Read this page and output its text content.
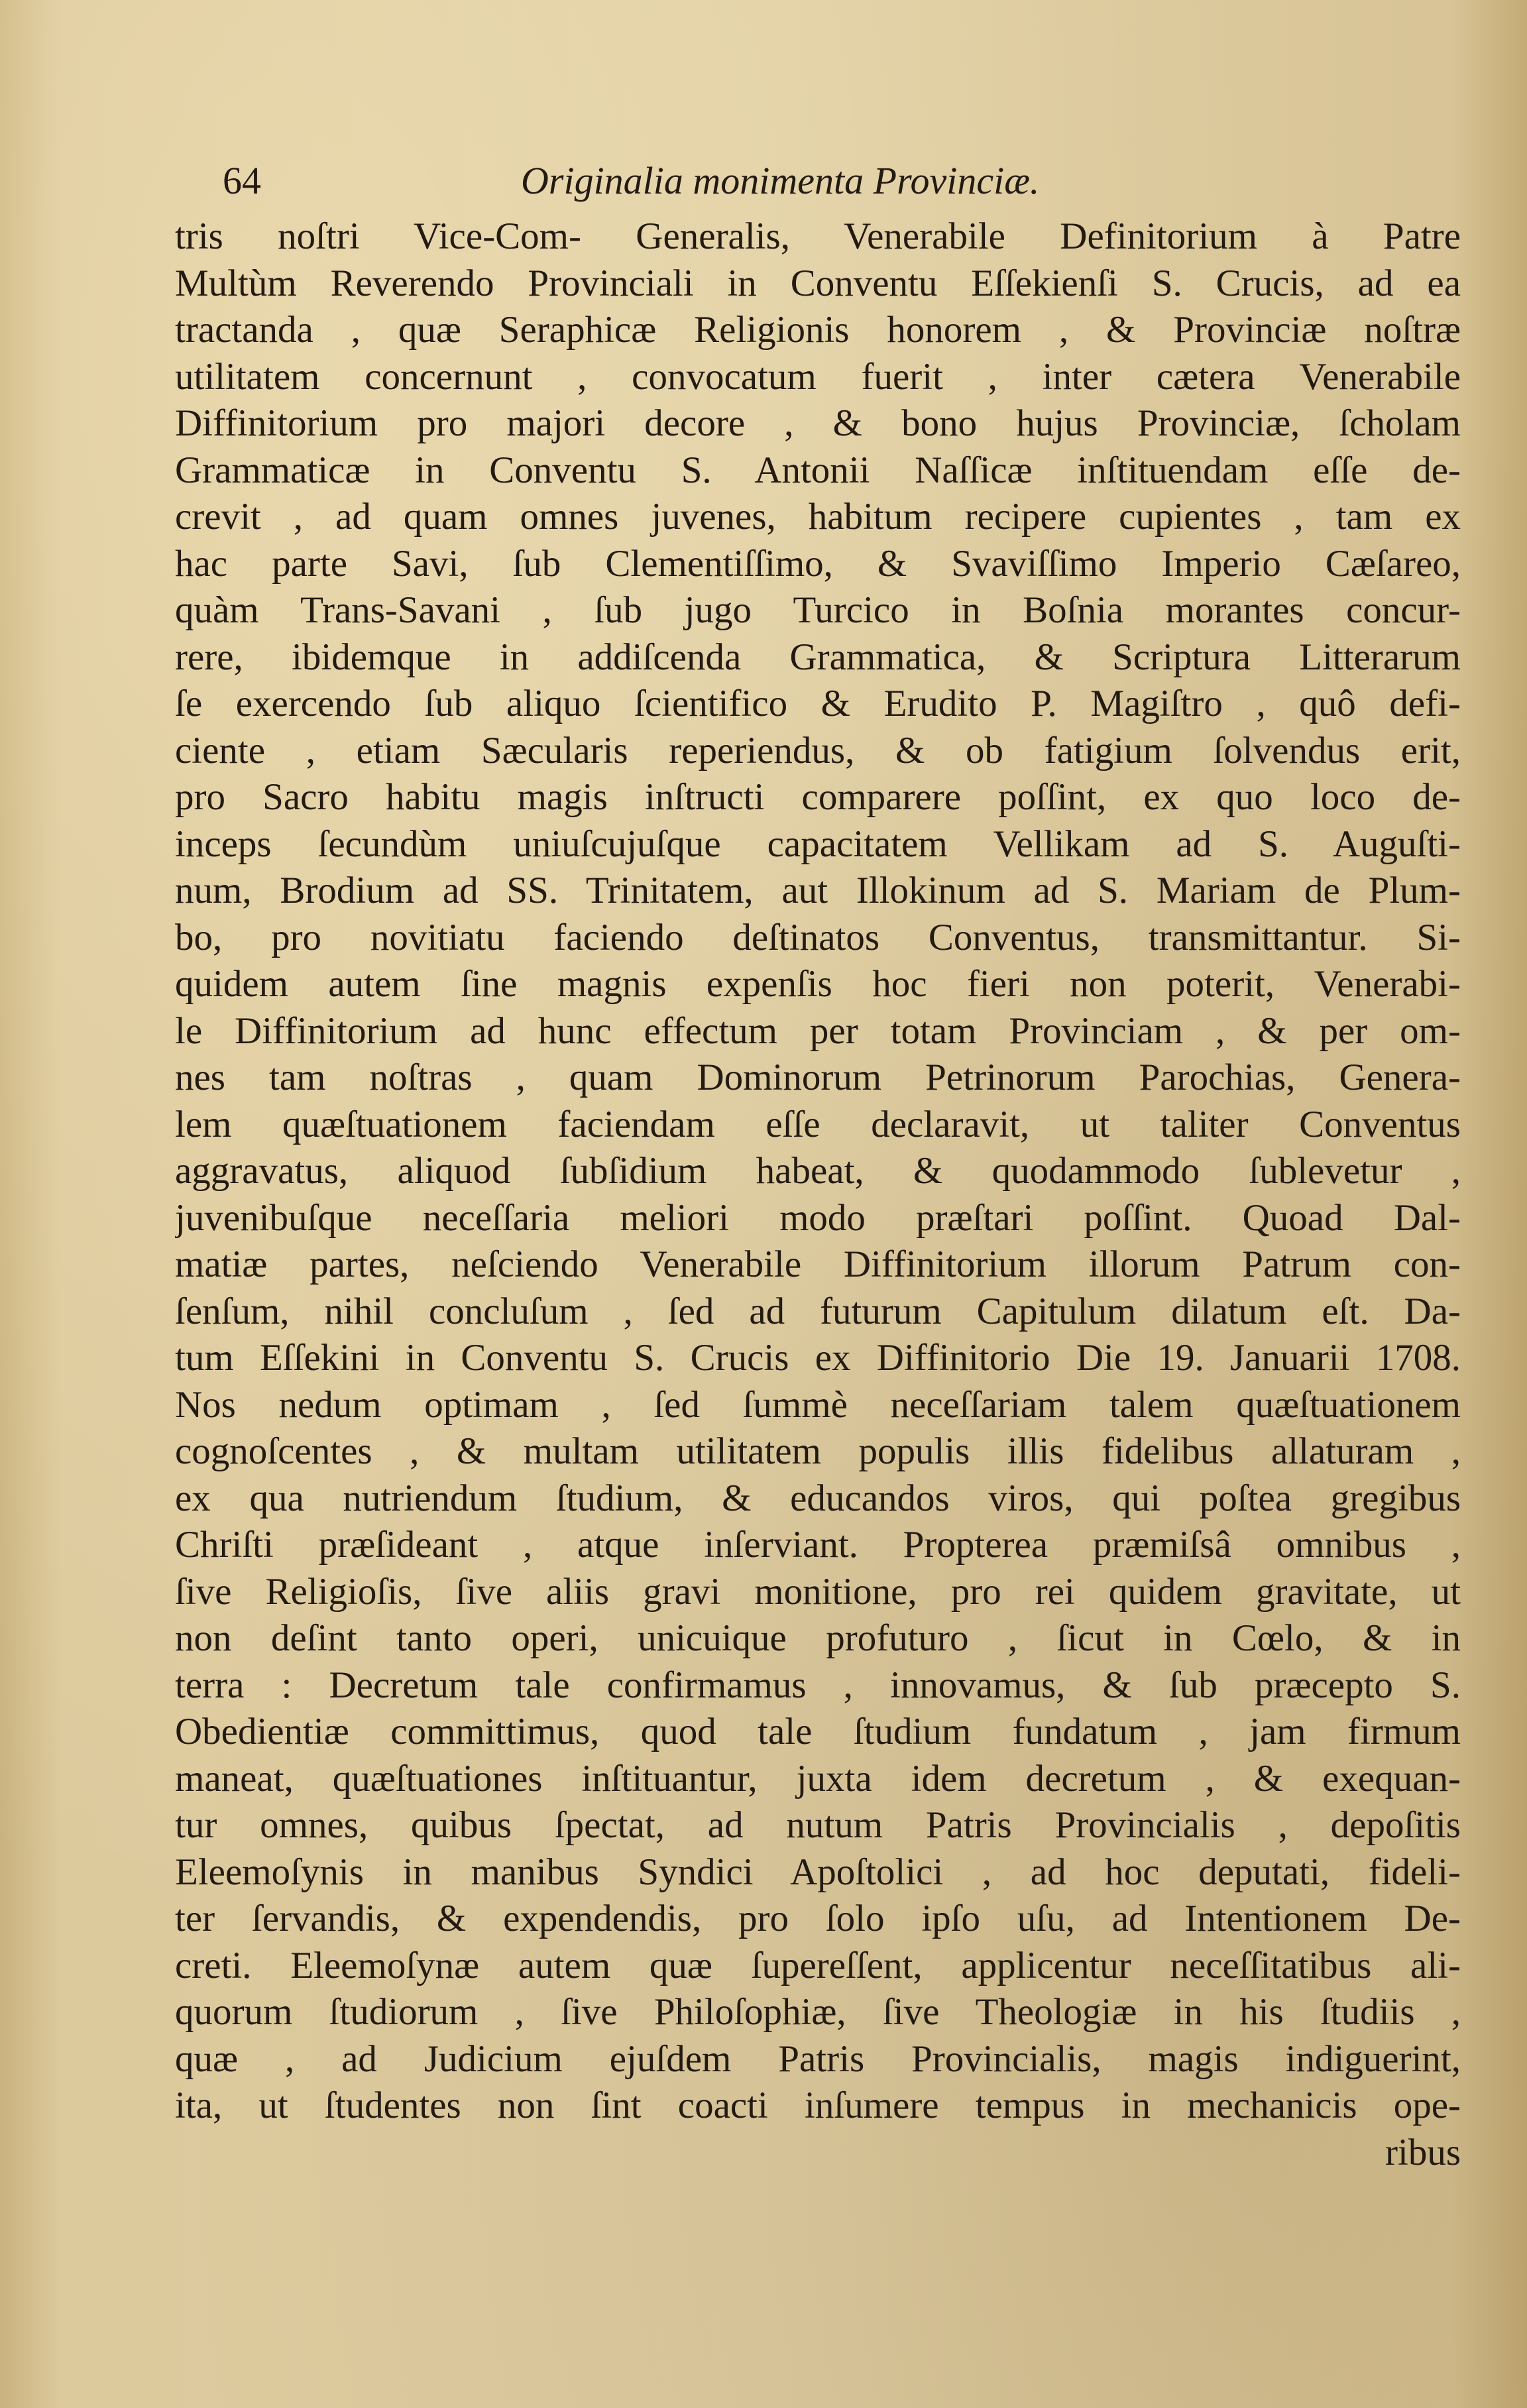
64	Originalia monimenta Provinciæ.
tris noſtri Vice-Com- Generalis, Venerabile Definitorium à Patre
Multùm Reverendo Provinciali in Conventu Eſſekienſi S. Crucis, ad ea
tractanda , quæ Seraphicæ Religionis honorem , & Provinciæ noſtræ
utilitatem concernunt , convocatum fuerit , inter cætera Venerabile
Diffinitorium pro majori decore , & bono hujus Provinciæ, ſcholam
Grammaticæ in Conventu S. Antonii Naſſicæ inſtituendam eſſe de-
crevit , ad quam omnes juvenes, habitum recipere cupientes , tam ex
hac parte Savi, ſub Clementiſſimo, & Svaviſſimo Imperio Cæſareo,
quàm Trans-Savani , ſub jugo Turcico in Boſnia morantes concur-
rere, ibidemque in addiſcenda Grammatica, & Scriptura Litterarum
ſe exercendo ſub aliquo ſcientifico & Erudito P. Magiſtro , quô defi-
ciente , etiam Sæcularis reperiendus, & ob fatigium ſolvendus erit,
pro Sacro habitu magis inſtructi comparere poſſint, ex quo loco de-
inceps ſecundùm uniuſcujuſque capacitatem Vellikam ad S. Auguſti-
num, Brodium ad SS. Trinitatem, aut Illokinum ad S. Mariam de Plum-
bo, pro novitiatu faciendo deſtinatos Conventus, transmittantur. Si-
quidem autem ſine magnis expenſis hoc fieri non poterit, Venerabi-
le Diffinitorium ad hunc effectum per totam Provinciam , & per om-
nes tam noſtras , quam Dominorum Petrinorum Parochias, Genera-
lem quæſtuationem faciendam eſſe declaravit, ut taliter Conventus
aggravatus, aliquod ſubſidium habeat, & quodammodo ſublevetur ,
juvenibuſque neceſſaria meliori modo præſtari poſſint. Quoad Dal-
matiæ partes, neſciendo Venerabile Diffinitorium illorum Patrum con-
ſenſum, nihil concluſum , ſed ad futurum Capitulum dilatum eſt. Da-
tum Eſſekini in Conventu S. Crucis ex Diffinitorio Die 19. Januarii 1708.
Nos nedum optimam , ſed ſummè neceſſariam talem quæſtuationem
cognoſcentes , & multam utilitatem populis illis fidelibus allaturam ,
ex qua nutriendum ſtudium, & educandos viros, qui poſtea gregibus
Chriſti præſideant , atque inſerviant. Propterea præmiſsâ omnibus ,
ſive Religioſis, ſive aliis gravi monitione, pro rei quidem gravitate, ut
non deſint tanto operi, unicuique profuturo , ſicut in Cœlo, & in
terra : Decretum tale confirmamus , innovamus, & ſub præcepto S.
Obedientiæ committimus, quod tale ſtudium fundatum , jam firmum
maneat, quæſtuationes inſtituantur, juxta idem decretum , & exequan-
tur omnes, quibus ſpectat, ad nutum Patris Provincialis , depoſitis
Eleemoſynis in manibus Syndici Apoſtolici , ad hoc deputati, fideli-
ter ſervandis, & expendendis, pro ſolo ipſo uſu, ad Intentionem De-
creti. Eleemoſynæ autem quæ ſupereſſent, applicentur neceſſitatibus ali-
quorum ſtudiorum , ſive Philoſophiæ, ſive Theologiæ in his ſtudiis ,
quæ , ad Judicium ejuſdem Patris Provincialis, magis indiguerint,
ita, ut ſtudentes non ſint coacti inſumere tempus in mechanicis ope-
ribus
